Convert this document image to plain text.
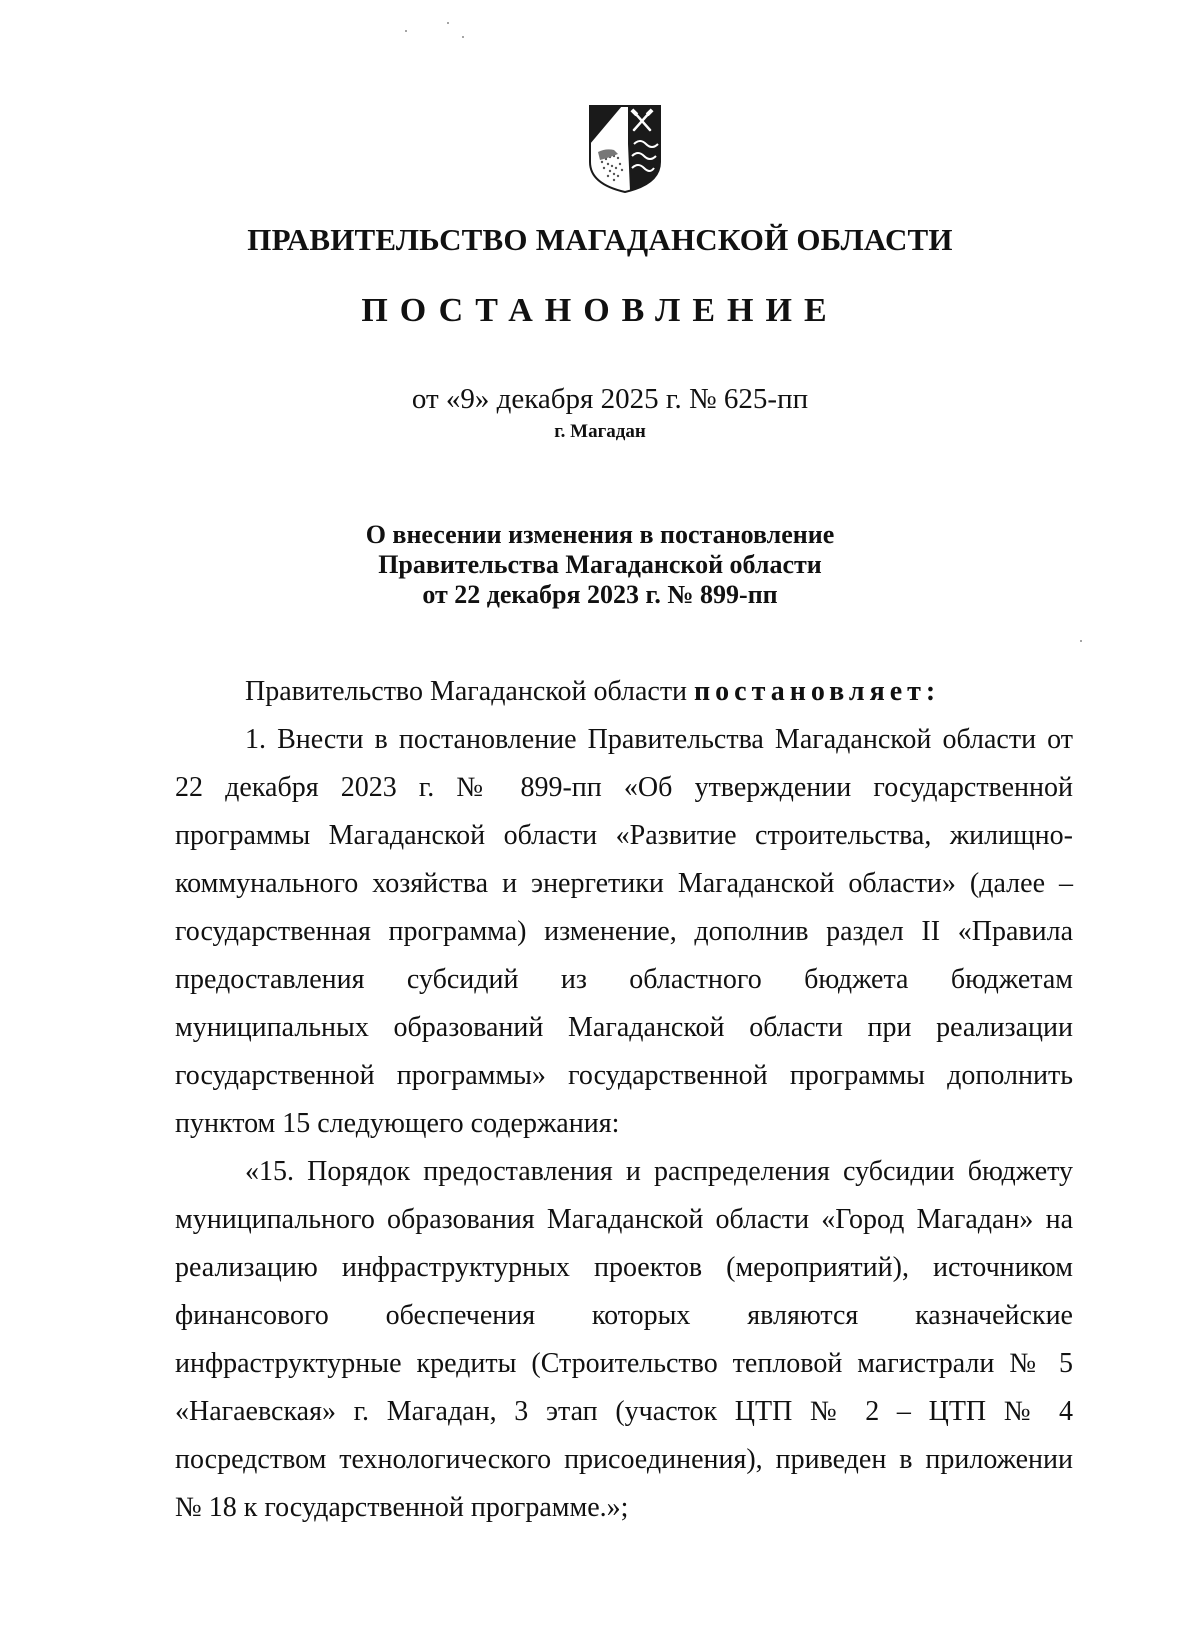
ПРАВИТЕЛЬСТВО МАГАДАНСКОЙ ОБЛАСТИ
ПОСТАНОВЛЕНИЕ
от «9» декабря 2025 г. № 625-пп
г. Магадан
О внесении изменения в постановление
Правительства Магаданской области
от 22 декабря 2023 г. № 899-пп

Правительство Магаданской области постановляет:

1. Внести в постановление Правительства Магаданской области от 22 декабря 2023 г. № 899-пп «Об утверждении государственной программы Магаданской области «Развитие строительства, жилищно-коммунального хозяйства и энергетики Магаданской области» (далее – государственная программа) изменение, дополнив раздел II «Правила предоставления субсидий из областного бюджета бюджетам муниципальных образований Магаданской области при реализации государственной программы» государственной программы дополнить пунктом 15 следующего содержания:

«15. Порядок предоставления и распределения субсидии бюджету муниципального образования Магаданской области «Город Магадан» на реализацию инфраструктурных проектов (мероприятий), источником финансового обеспечения которых являются казначейские инфраструктурные кредиты (Строительство тепловой магистрали № 5 «Нагаевская» г. Магадан, 3 этап (участок ЦТП № 2 – ЦТП № 4 посредством технологического присоединения), приведен в приложении № 18 к государственной программе.»;
